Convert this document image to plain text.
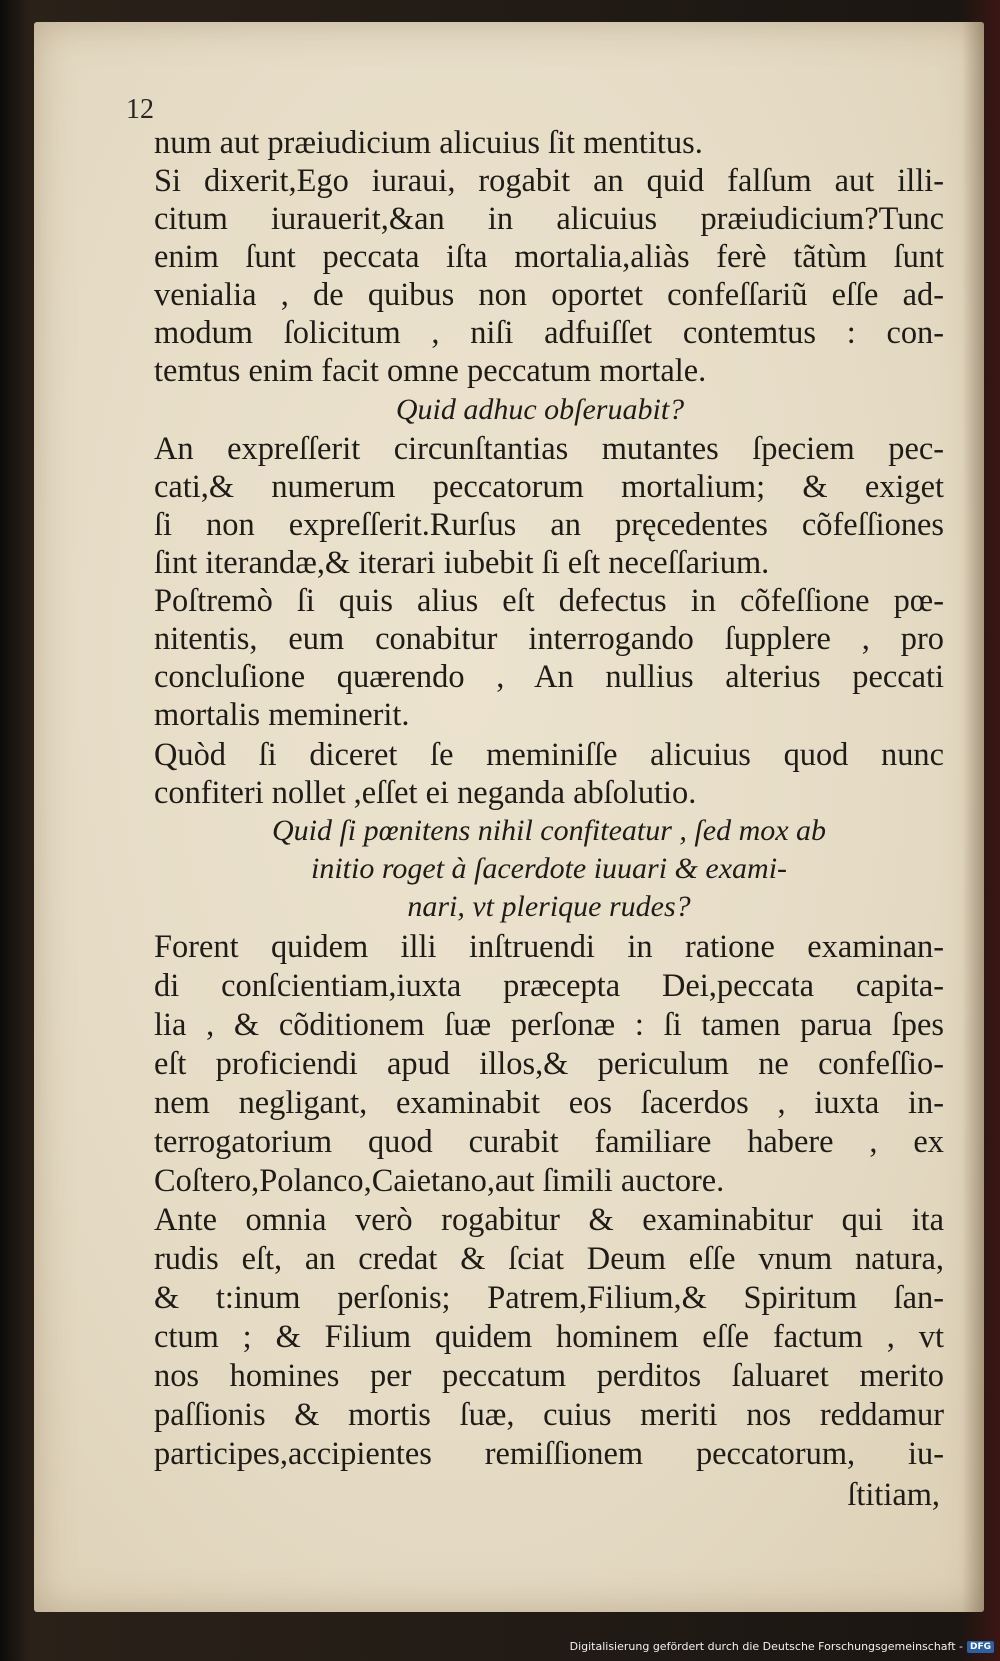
12
num aut præiudicium alicuius ſit mentitus.
Si dixerit,Ego iuraui, rogabit an quid falſum aut illi-
citum iurauerit,&an in alicuius præiudicium?Tunc
enim ſunt peccata iſta mortalia,aliàs ferè tãtùm ſunt
venialia , de quibus non oportet confeſſariũ eſſe ad-
modum ſolicitum , niſi adfuiſſet contemtus : con-
temtus enim facit omne peccatum mortale.
Quid adhuc obſeruabit?
An expreſſerit circunſtantias mutantes ſpeciem pec-
cati,& numerum peccatorum mortalium; & exiget
ſi non expreſſerit.Rurſus an pręcedentes cõfeſſiones
ſint iterandæ,& iterari iubebit ſi eſt neceſſarium.
Poſtremò ſi quis alius eſt defectus in cõfeſſione pœ-
nitentis, eum conabitur interrogando ſupplere , pro
concluſione quærendo , An nullius alterius peccati
mortalis meminerit.
Quòd ſi diceret ſe meminiſſe alicuius quod nunc
confiteri nollet ,eſſet ei neganda abſolutio.
Quid ſi pœnitens nihil confiteatur , ſed mox ab
initio roget à ſacerdote iuuari & exami-
nari, vt plerique rudes?
Forent quidem illi inſtruendi in ratione examinan-
di conſcientiam,iuxta præcepta Dei,peccata capita-
lia , & cõditionem ſuæ perſonæ : ſi tamen parua ſpes
eſt proficiendi apud illos,& periculum ne confeſſio-
nem negligant, examinabit eos ſacerdos , iuxta in-
terrogatorium quod curabit familiare habere , ex
Coſtero,Polanco,Caietano,aut ſimili auctore.
Ante omnia verò rogabitur & examinabitur qui ita
rudis eſt, an credat & ſciat Deum eſſe vnum natura,
& t:inum perſonis; Patrem,Filium,& Spiritum ſan-
ctum ; & Filium quidem hominem eſſe factum , vt
nos homines per peccatum perditos ſaluaret merito
paſſionis & mortis ſuæ, cuius meriti nos reddamur
participes,accipientes remiſſionem peccatorum, iu-
ſtitiam,
Digitalisierung gefördert durch die Deutsche Forschungsgemeinschaft - DFG
